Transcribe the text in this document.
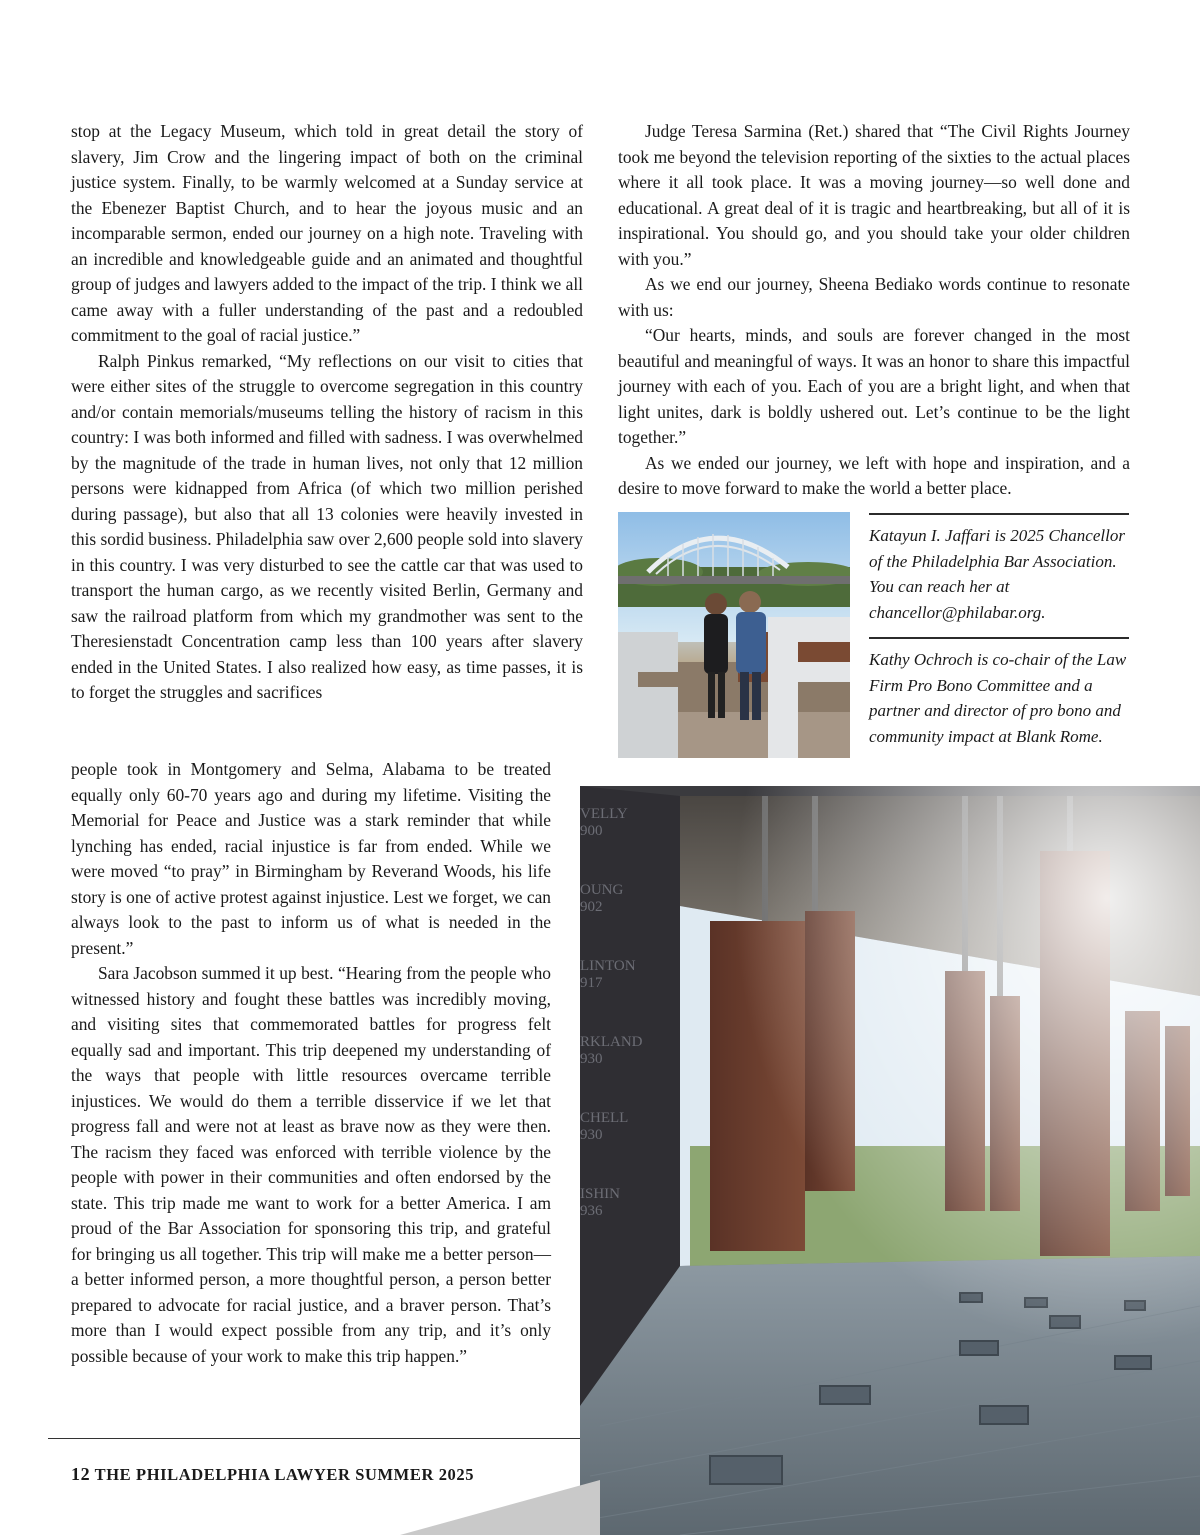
stop at the Legacy Museum, which told in great detail the story of slavery, Jim Crow and the lingering impact of both on the criminal justice system. Finally, to be warmly welcomed at a Sunday service at the Ebenezer Baptist Church, and to hear the joyous music and an incomparable sermon, ended our journey on a high note. Traveling with an incredible and knowledgeable guide and an animated and thoughtful group of judges and lawyers added to the impact of the trip. I think we all came away with a fuller understanding of the past and a redoubled commitment to the goal of racial justice.”

Ralph Pinkus remarked, “My reflections on our visit to cities that were either sites of the struggle to overcome segregation in this country and/or contain memorials/museums telling the history of racism in this country: I was both informed and filled with sadness. I was overwhelmed by the magnitude of the trade in human lives, not only that 12 million persons were kidnapped from Africa (of which two million perished during passage), but also that all 13 colonies were heavily invested in this sordid business. Philadelphia saw over 2,600 people sold into slavery in this country. I was very disturbed to see the cattle car that was used to transport the human cargo, as we recently visited Berlin, Germany and saw the railroad platform from which my grandmother was sent to the Theresienstadt Concentration camp less than 100 years after slavery ended in the United States. I also realized how easy, as time passes, it is to forget the struggles and sacrifices

people took in Montgomery and Selma, Alabama to be treated equally only 60-70 years ago and during my lifetime. Visiting the Memorial for Peace and Justice was a stark reminder that while lynching has ended, racial injustice is far from ended. While we were moved “to pray” in Birmingham by Reverand Woods, his life story is one of active protest against injustice. Lest we forget, we can always look to the past to inform us of what is needed in the present.”

Sara Jacobson summed it up best. “Hearing from the people who witnessed history and fought these battles was incredibly moving, and visiting sites that commemorated battles for progress felt equally sad and important. This trip deepened my understanding of the ways that people with little resources overcame terrible injustices. We would do them a terrible disservice if we let that progress fall and were not at least as brave now as they were then. The racism they faced was enforced with terrible violence by the people with power in their communities and often endorsed by the state. This trip made me want to work for a better America. I am proud of the Bar Association for sponsoring this trip, and grateful for bringing us all together. This trip will make me a better person—a better informed person, a more thoughtful person, a person better prepared to advocate for racial justice, and a braver person. That’s more than I would expect possible from any trip, and it’s only possible because of your work to make this trip happen.”

Judge Teresa Sarmina (Ret.) shared that “The Civil Rights Journey took me beyond the television reporting of the sixties to the actual places where it all took place. It was a moving journey—so well done and educational. A great deal of it is tragic and heartbreaking, but all of it is inspirational. You should go, and you should take your older children with you.”

As we end our journey, Sheena Bediako words continue to resonate with us:

“Our hearts, minds, and souls are forever changed in the most beautiful and meaningful of ways. It was an honor to share this impactful journey with each of you. Each of you are a bright light, and when that light unites, dark is boldly ushered out. Let’s continue to be the light together.”

As we ended our journey, we left with hope and inspiration, and a desire to move forward to make the world a better place.

Katayun I. Jaffari is 2025 Chancellor of the Philadelphia Bar Association. You can reach her at chancellor@philabar.org.

Kathy Ochroch is co-chair of the Law Firm Pro Bono Committee and a partner and director of pro bono and community impact at Blank Rome.

VELLY
900
OUNG
902
LINTON
917
RKLAND
930
CHELL
930
ISHIN
936
12 THE PHILADELPHIA LAWYER SUMMER 2025
